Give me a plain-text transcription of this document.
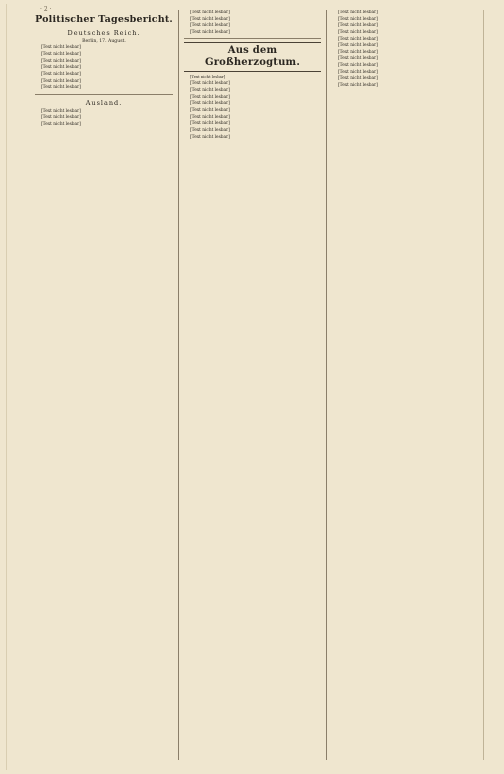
· 2 ·
Politischer Tagesbericht.
Deutsches Reich.
Berlin, 17. August.
[Text nicht lesbar]
[Text nicht lesbar]
[Text nicht lesbar]
[Text nicht lesbar]
[Text nicht lesbar]
[Text nicht lesbar]
[Text nicht lesbar]
Ausland.
[Text nicht lesbar]
[Text nicht lesbar]
[Text nicht lesbar]
[Text nicht lesbar]
[Text nicht lesbar]
[Text nicht lesbar]
[Text nicht lesbar]
Aus dem Großherzogtum.
[Text nicht lesbar]
[Text nicht lesbar]
[Text nicht lesbar]
[Text nicht lesbar]
[Text nicht lesbar]
[Text nicht lesbar]
[Text nicht lesbar]
[Text nicht lesbar]
[Text nicht lesbar]
[Text nicht lesbar]
[Text nicht lesbar]
[Text nicht lesbar]
[Text nicht lesbar]
[Text nicht lesbar]
[Text nicht lesbar]
[Text nicht lesbar]
[Text nicht lesbar]
[Text nicht lesbar]
[Text nicht lesbar]
[Text nicht lesbar]
[Text nicht lesbar]
[Text nicht lesbar]
